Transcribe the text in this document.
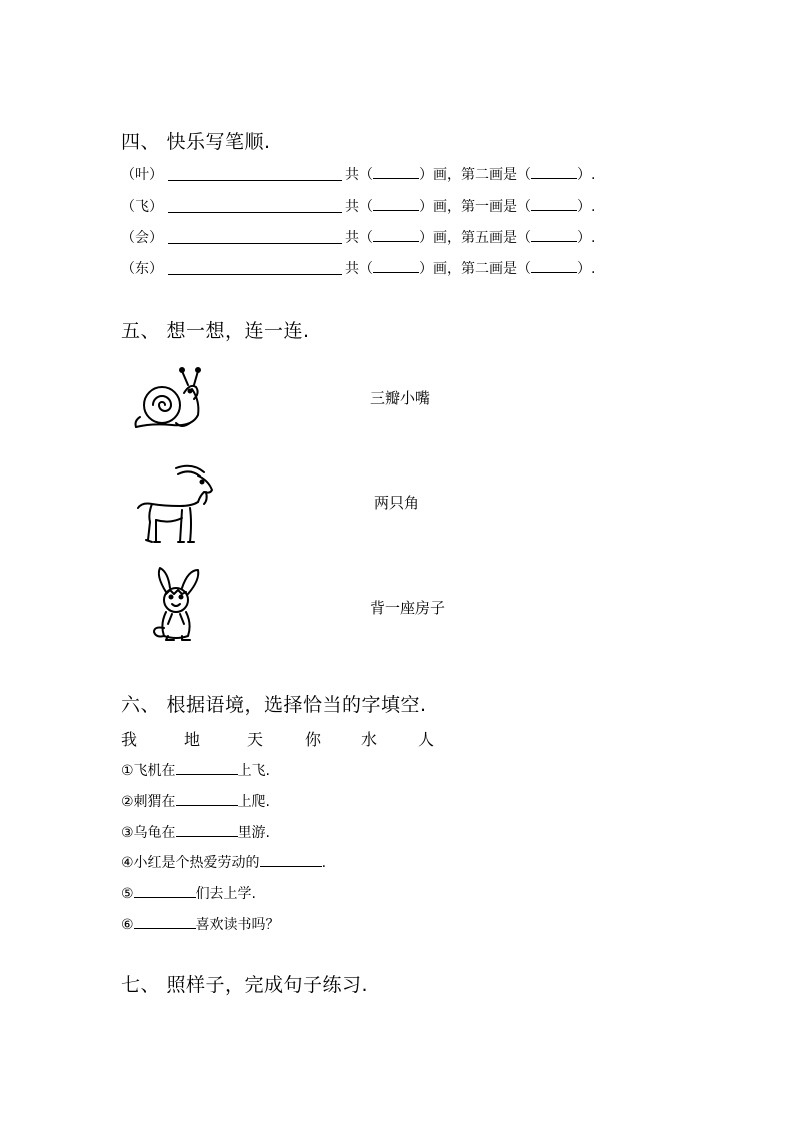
四、 快乐写笔顺.
（叶）	共（	）画，第二画是（	）.
（飞）	共（	）画，第一画是（	）.
（会）	共（	）画，第五画是（	）.
（东）	共（	）画，第二画是（	）.
五、 想一想，连一连.
三瓣小嘴
两只角
背一座房子
六、 根据语境，选择恰当的字填空.
我	地	天	你 水	人
①飞机在	上飞.
②刺猬在	上爬.
③乌龟在	里游.
④小红是个热爱劳动的	.
⑤	们去上学.
⑥	喜欢读书吗？
七、 照样子，完成句子练习.
